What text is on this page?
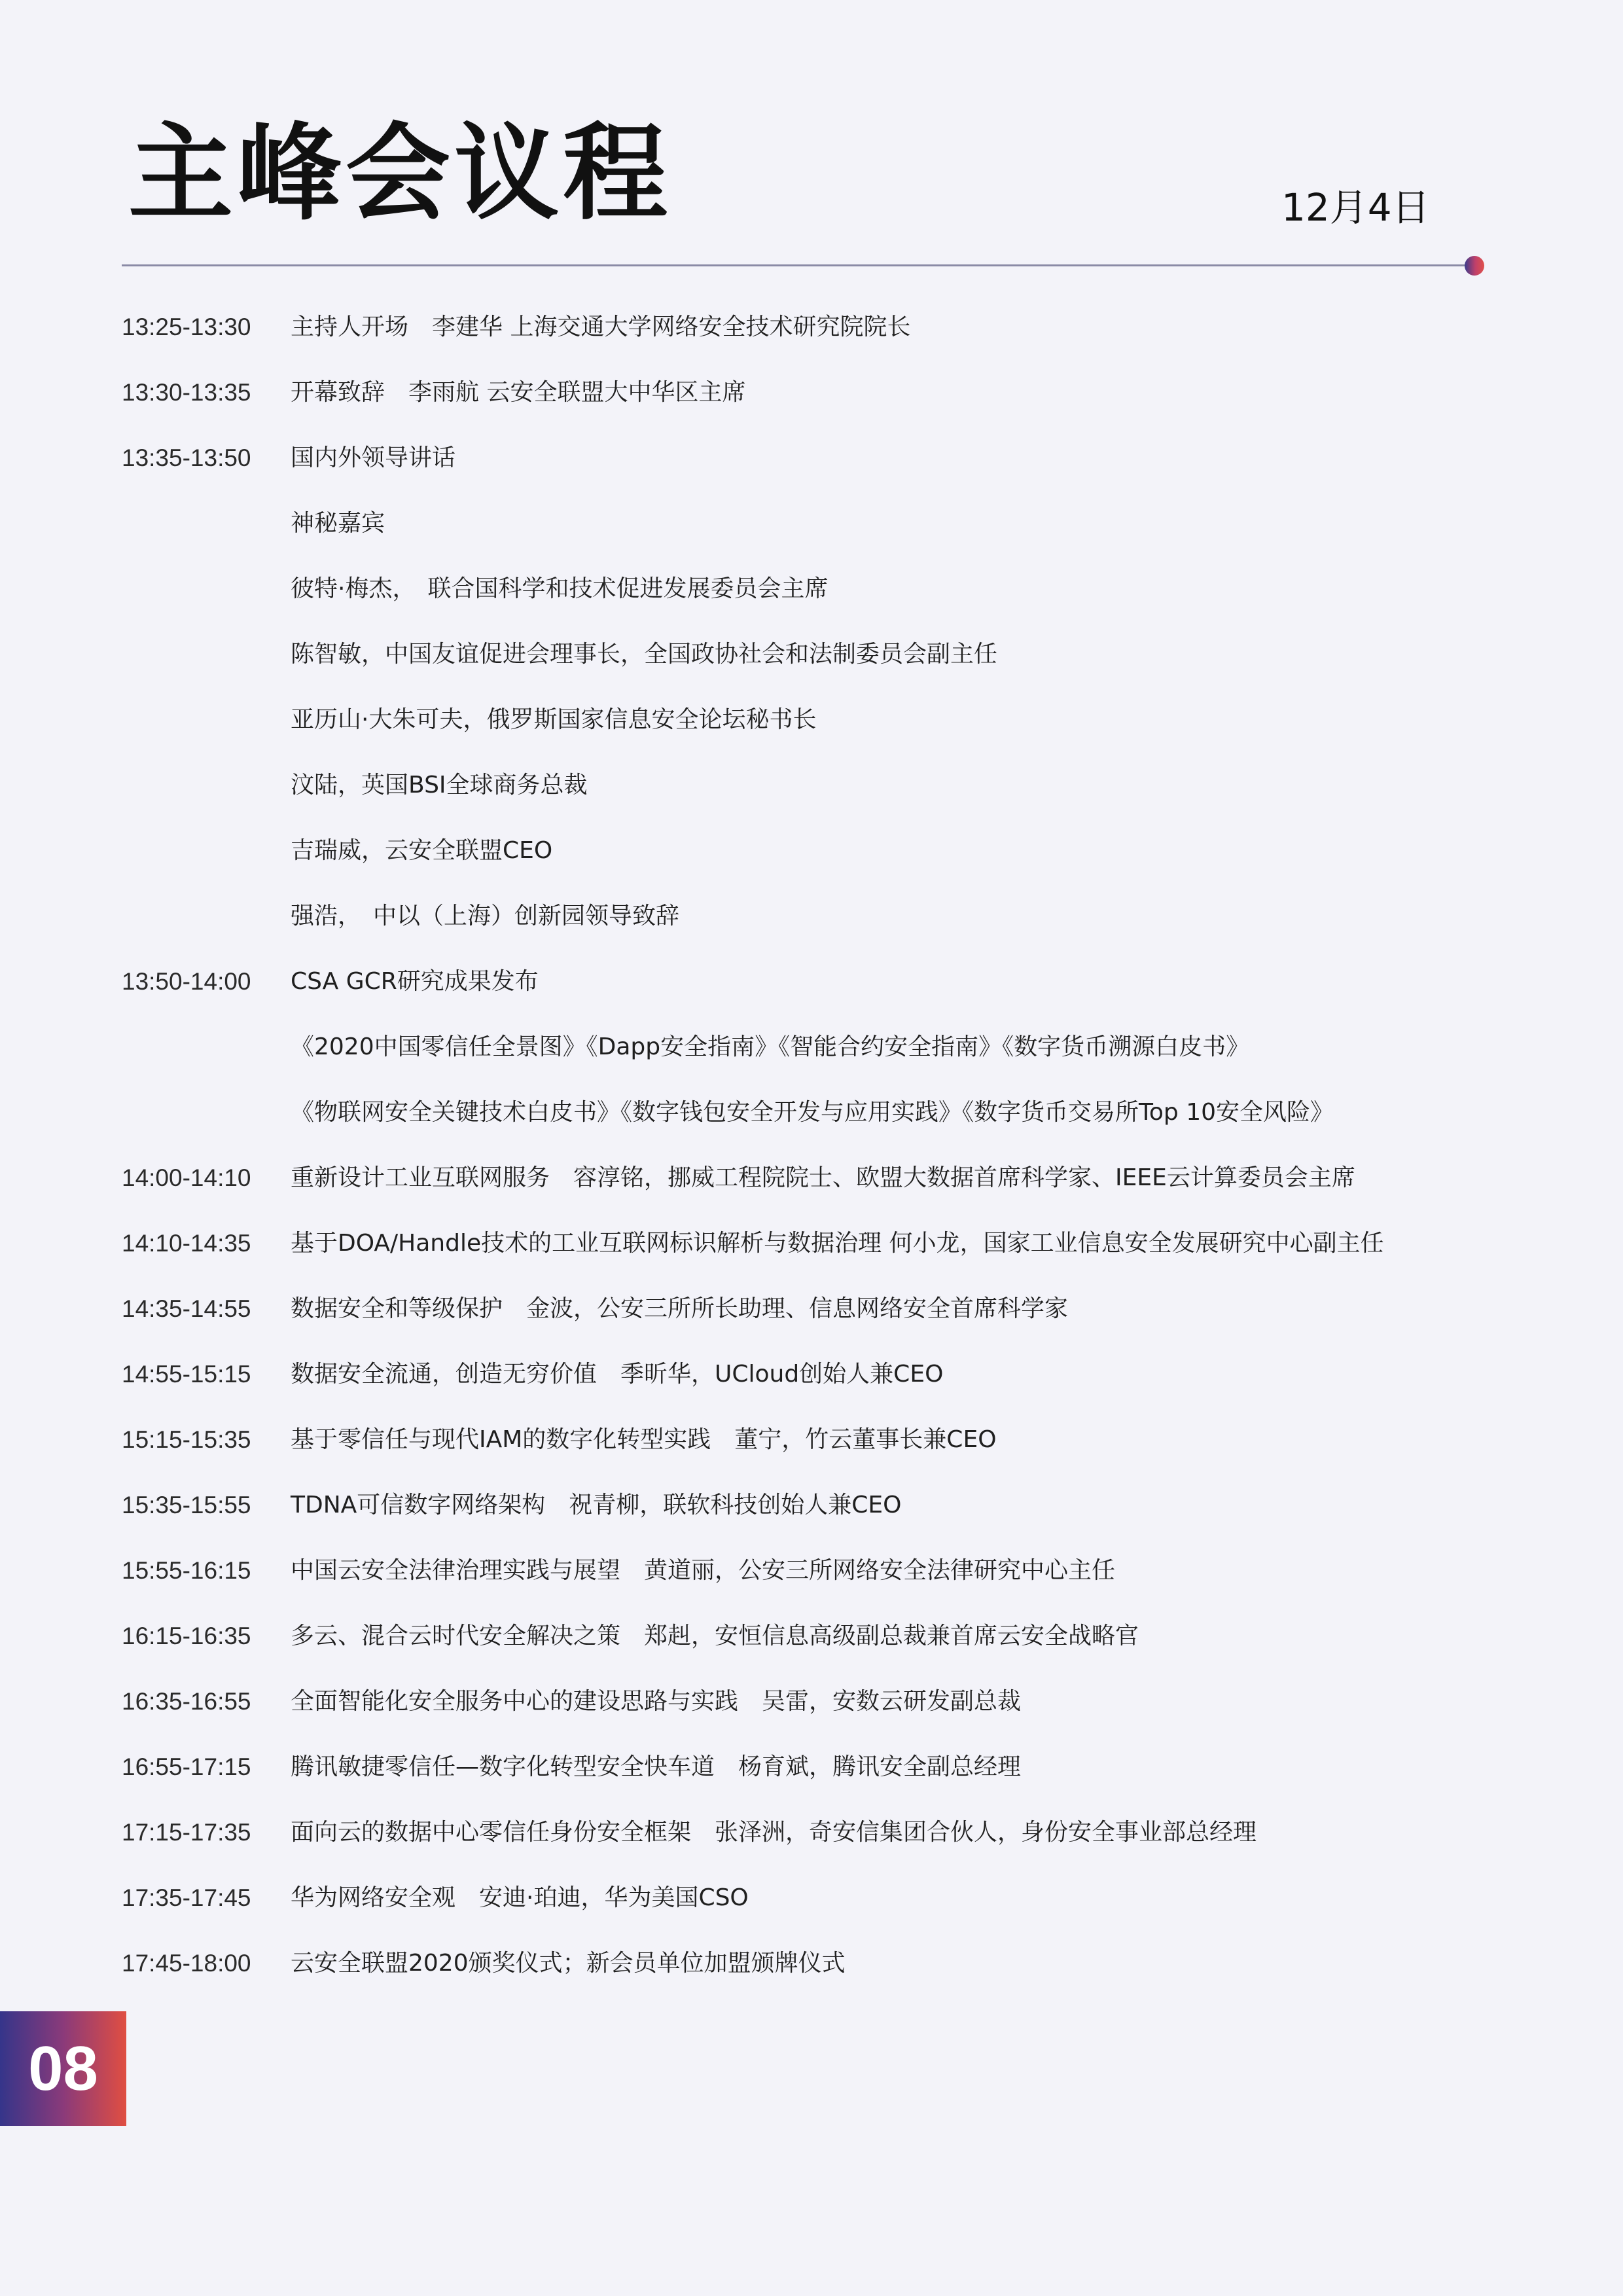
主峰会议程	12月4日
13:25-13:30	主持人开场　李建华 上海交通大学网络安全技术研究院院长
13:30-13:35	开幕致辞　李雨航 云安全联盟大中华区主席
13:35-13:50	国内外领导讲话
神秘嘉宾
彼特·梅杰，　联合国科学和技术促进发展委员会主席
陈智敏，中国友谊促进会理事长，全国政协社会和法制委员会副主任
亚历山·大朱可夫，俄罗斯国家信息安全论坛秘书长
汶陆，英国BSI全球商务总裁
吉瑞威，云安全联盟CEO
强浩，　中以（上海）创新园领导致辞
13:50-14:00	CSA GCR研究成果发布
《2020中国零信任全景图》《Dapp安全指南》《智能合约安全指南》《数字货币溯源白皮书》
《物联网安全关键技术白皮书》《数字钱包安全开发与应用实践》《数字货币交易所Top 10安全风险》
14:00-14:10	重新设计工业互联网服务　容淳铭，挪威工程院院士、欧盟大数据首席科学家、IEEE云计算委员会主席
14:10-14:35	基于DOA/Handle技术的工业互联网标识解析与数据治理 何小龙，国家工业信息安全发展研究中心副主任
14:35-14:55	数据安全和等级保护　金波，公安三所所长助理、信息网络安全首席科学家
14:55-15:15	数据安全流通，创造无穷价值　季昕华，UCloud创始人兼CEO
15:15-15:35	基于零信任与现代IAM的数字化转型实践　董宁，竹云董事长兼CEO
15:35-15:55	TDNA可信数字网络架构　祝青柳，联软科技创始人兼CEO
15:55-16:15	中国云安全法律治理实践与展望　黄道丽，公安三所网络安全法律研究中心主任
16:15-16:35	多云、混合云时代安全解决之策　郑赳，安恒信息高级副总裁兼首席云安全战略官
16:35-16:55	全面智能化安全服务中心的建设思路与实践　吴雷，安数云研发副总裁
16:55-17:15	腾讯敏捷零信任—数字化转型安全快车道　杨育斌，腾讯安全副总经理
17:15-17:35	面向云的数据中心零信任身份安全框架　张泽洲，奇安信集团合伙人，身份安全事业部总经理
17:35-17:45	华为网络安全观　安迪·珀迪，华为美国CSO
17:45-18:00	云安全联盟2020颁奖仪式；新会员单位加盟颁牌仪式
08
